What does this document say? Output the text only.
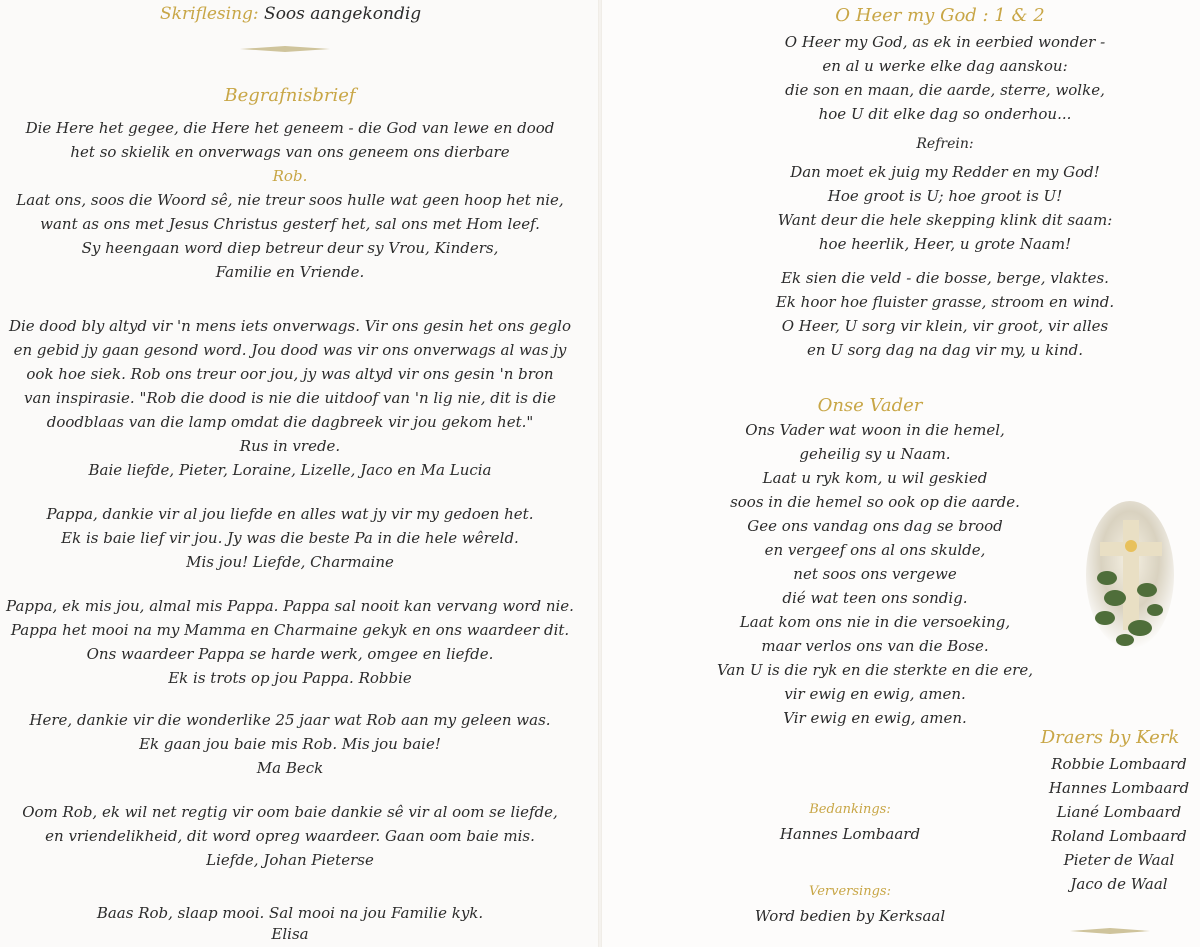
Skriflesing: Soos aangekondig
Begrafnisbrief
Die Here het gegee, die Here het geneem - die God van lewe en dood
het so skielik en onverwags van ons geneem ons dierbare
Rob.
Laat ons, soos die Woord sê, nie treur soos hulle wat geen hoop het nie,
want as ons met Jesus Christus gesterf het, sal ons met Hom leef.
Sy heengaan word diep betreur deur sy Vrou, Kinders,
Familie en Vriende.
Die dood bly altyd vir 'n mens iets onverwags. Vir ons gesin het ons geglo
en gebid jy gaan gesond word. Jou dood was vir ons onverwags al was jy
ook hoe siek. Rob ons treur oor jou, jy was altyd vir ons gesin 'n bron
van inspirasie. "Rob die dood is nie die uitdoof van 'n lig nie, dit is die
doodblaas van die lamp omdat die dagbreek vir jou gekom het."
Rus in vrede.
Baie liefde, Pieter, Loraine, Lizelle, Jaco en Ma Lucia
Pappa, dankie vir al jou liefde en alles wat jy vir my gedoen het.
Ek is baie lief vir jou. Jy was die beste Pa in die hele wêreld.
Mis jou! Liefde, Charmaine
Pappa, ek mis jou, almal mis Pappa. Pappa sal nooit kan vervang word nie.
Pappa het mooi na my Mamma en Charmaine gekyk en ons waardeer dit.
Ons waardeer Pappa se harde werk, omgee en liefde.
Ek is trots op jou Pappa. Robbie
Here, dankie vir die wonderlike 25 jaar wat Rob aan my geleen was.
Ek gaan jou baie mis Rob. Mis jou baie!
Ma Beck
Oom Rob, ek wil net regtig vir oom baie dankie sê vir al oom se liefde,
en vriendelikheid, dit word opreg waardeer. Gaan oom baie mis.
Liefde, Johan Pieterse
Baas Rob, slaap mooi. Sal mooi na jou Familie kyk.
Elisa
O Heer my God : 1 & 2
O Heer my God, as ek in eerbied wonder -
en al u werke elke dag aanskou:
die son en maan, die aarde, sterre, wolke,
hoe U dit elke dag so onderhou...
Refrein:
Dan moet ek juig my Redder en my God!
Hoe groot is U; hoe groot is U!
Want deur die hele skepping klink dit saam:
hoe heerlik, Heer, u grote Naam!
Ek sien die veld - die bosse, berge, vlaktes.
Ek hoor hoe fluister grasse, stroom en wind.
O Heer, U sorg vir klein, vir groot, vir alles
en U sorg dag na dag vir my, u kind.
Onse Vader
Ons Vader wat woon in die hemel,
geheilig sy u Naam.
Laat u ryk kom, u wil geskied
soos in die hemel so ook op die aarde.
Gee ons vandag ons dag se brood
en vergeef ons al ons skulde,
net soos ons vergewe
dié wat teen ons sondig.
Laat kom ons nie in die versoeking,
maar verlos ons van die Bose.
Van U is die ryk en die sterkte en die ere,
vir ewig en ewig, amen.
Vir ewig en ewig, amen.
Bedankings:
Hannes Lombaard
Verversings:
Word bedien by Kerksaal
Draers by Kerk
Robbie Lombaard
Hannes Lombaard
Liané Lombaard
Roland Lombaard
Pieter de Waal
Jaco de Waal
